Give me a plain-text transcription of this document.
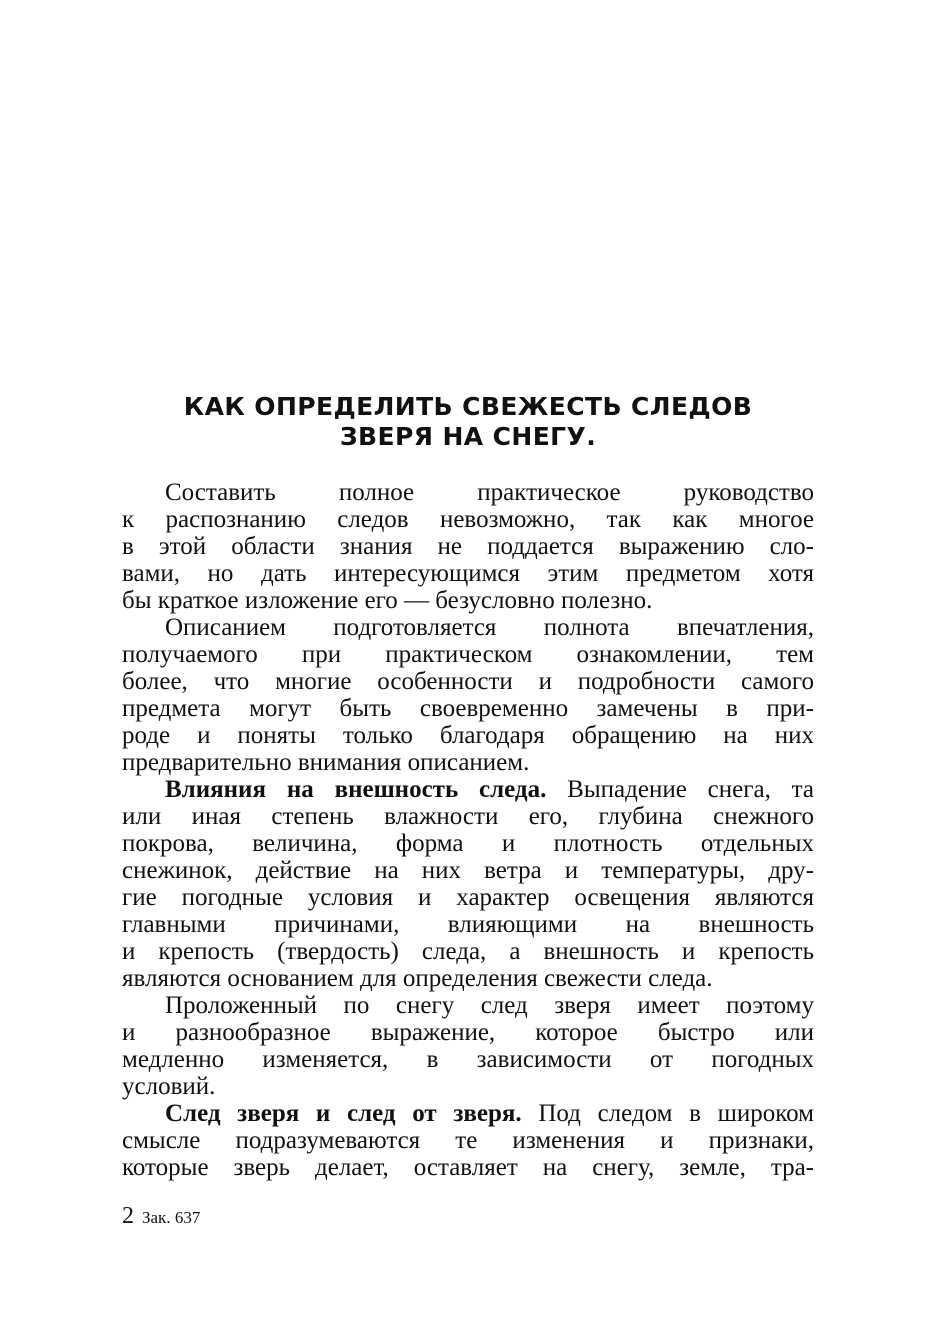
КАК ОПРЕДЕЛИТЬ СВЕЖЕСТЬ СЛЕДОВ
ЗВЕРЯ НА СНЕГУ.
Составить полное практическое руководство
к распознанию следов невозможно, так как многое
в этой области знания не поддается выражению сло-
вами, но дать интересующимся этим предметом хотя
бы краткое изложение его — безусловно полезно.
Описанием подготовляется полнота впечатления,
получаемого при практическом ознакомлении, тем
более, что многие особенности и подробности самого
предмета могут быть своевременно замечены в при-
роде и поняты только благодаря обращению на них
предварительно внимания описанием.
Влияния на внешность следа. Выпадение снега, та
или иная степень влажности его, глубина снежного
покрова, величина, форма и плотность отдельных
снежинок, действие на них ветра и температуры, дру-
гие погодные условия и характер освещения являются
главными причинами, влияющими на внешность
и крепость (твердость) следа, а внешность и крепость
являются основанием для определения свежести следа.
Проложенный по снегу след зверя имеет поэтому
и разнообразное выражение, которое быстро или
медленно изменяется, в зависимости от погодных
условий.
След зверя и след от зверя. Под следом в широком
смысле подразумеваются те изменения и признаки,
которые зверь делает, оставляет на снегу, земле, тра-
2 Зак. 637
